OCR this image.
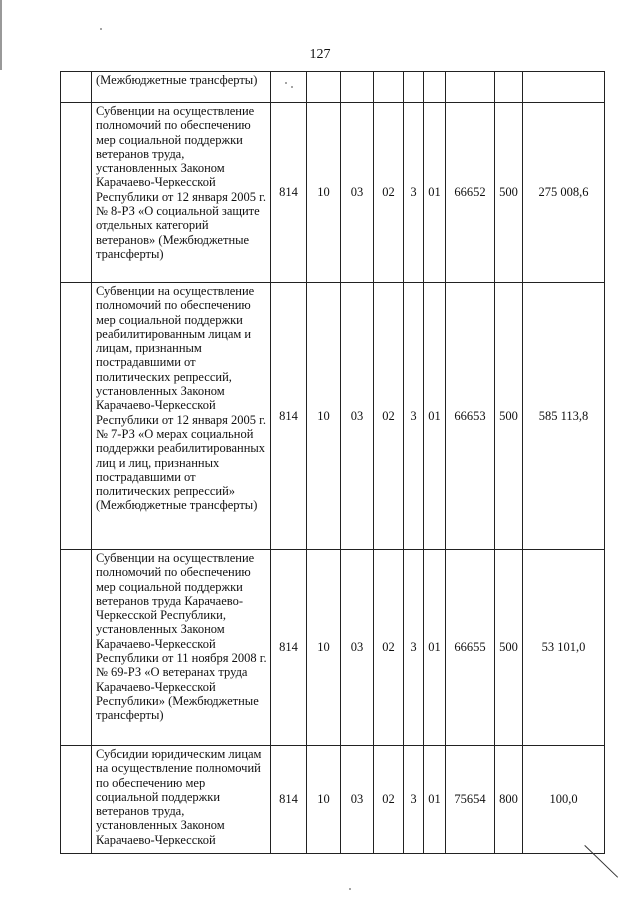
127
	(Межбюджетные трансферты)									
	Субвенции на осуществление полномочий по обеспечению мер социальной поддержки ветеранов труда, установленных Законом Карачаево-Черкесской Республики от 12 января 2005 г. № 8-РЗ «О социальной защите отдельных категорий ветеранов» (Межбюджетные трансферты)	814	10	03	02	3	01	66652	500	275 008,6
	Субвенции на осуществление полномочий по обеспечению мер социальной поддержки реабилитированным лицам и лицам, признанным пострадавшими от политических репрессий, установленных Законом Карачаево-Черкесской Республики от 12 января 2005 г. № 7-РЗ «О мерах социальной поддержки реабилитированных лиц и лиц, признанных пострадавшими от политических репрессий» (Межбюджетные трансферты)	814	10	03	02	3	01	66653	500	585 113,8
	Субвенции на осуществление полномочий по обеспечению мер социальной поддержки ветеранов труда Карачаево-Черкесской Республики, установленных Законом Карачаево-Черкесской Республики от 11 ноября 2008 г. № 69-РЗ «О ветеранах труда Карачаево-Черкесской Республики» (Межбюджетные трансферты)	814	10	03	02	3	01	66655	500	53 101,0
	Субсидии юридическим лицам на осуществление полномочий по обеспечению мер социальной поддержки ветеранов труда, установленных Законом Карачаево-Черкесской	814	10	03	02	3	01	75654	800	100,0
